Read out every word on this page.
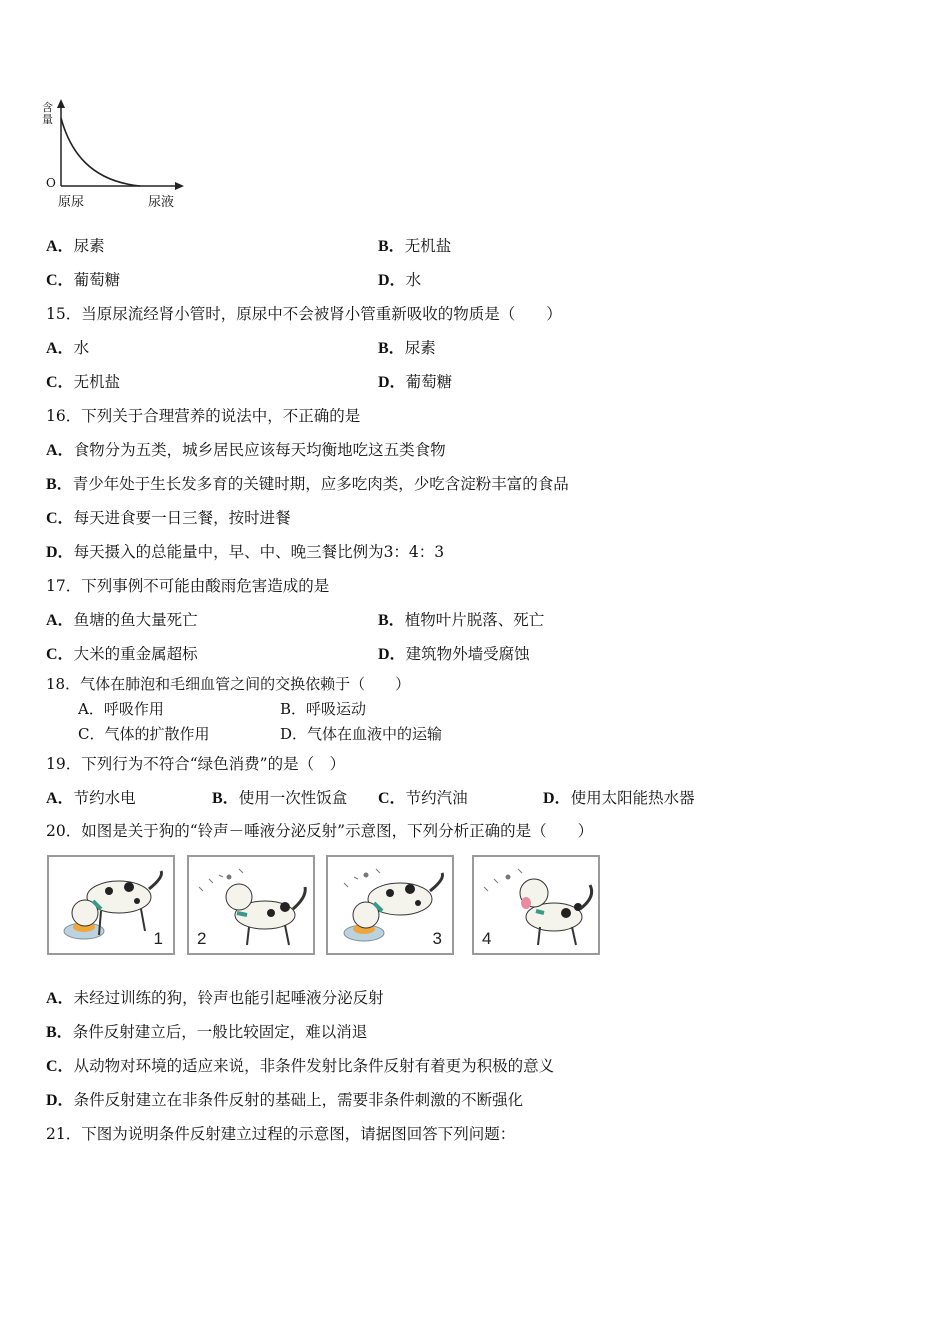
含量
O
原尿	尿液
A．尿素	B．无机盐
C．葡萄糖	D．水
15．当原尿流经肾小管时，原尿中不会被肾小管重新吸收的物质是（　　）
A．水	B．尿素
C．无机盐	D．葡萄糖
16．下列关于合理营养的说法中，不正确的是
A．食物分为五类，城乡居民应该每天均衡地吃这五类食物
B．青少年处于生长发多育的关键时期，应多吃肉类，少吃含淀粉丰富的食品
C．每天进食要一日三餐，按时进餐
D．每天摄入的总能量中，早、中、晚三餐比例为3：4：3
17．下列事例不可能由酸雨危害造成的是
A．鱼塘的鱼大量死亡	B．植物叶片脱落、死亡
C．大米的重金属超标	D．建筑物外墙受腐蚀
18．气体在肺泡和毛细血管之间的交换依赖于（　　）
A．呼吸作用	B．呼吸运动
C．气体的扩散作用	D．气体在血液中的运输
19．下列行为不符合“绿色消费”的是（　）
A．节约水电	B．使用一次性饭盒 C．节约汽油	D．使用太阳能热水器
20．如图是关于狗的“铃声－唾液分泌反射”示意图，下列分析正确的是（　　）
1 2	3 4
A．未经过训练的狗，铃声也能引起唾液分泌反射
B．条件反射建立后，一般比较固定，难以消退
C．从动物对环境的适应来说，非条件发射比条件反射有着更为积极的意义
D．条件反射建立在非条件反射的基础上，需要非条件刺激的不断强化
21．下图为说明条件反射建立过程的示意图，请据图回答下列问题：
